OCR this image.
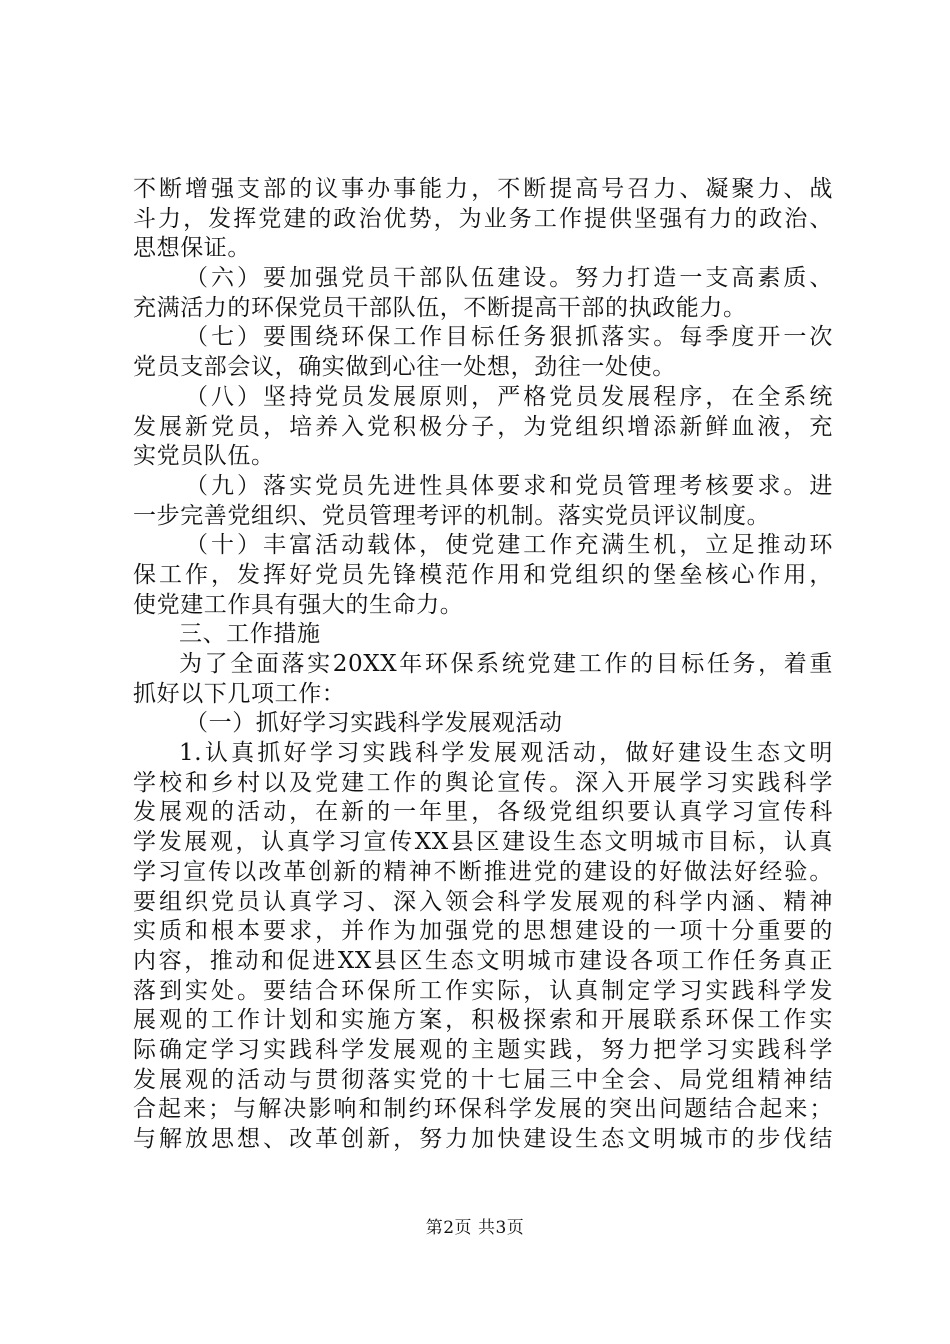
不断增强支部的议事办事能力，不断提高号召力、凝聚力、战
斗力，发挥党建的政治优势，为业务工作提供坚强有力的政治、
思想保证。
（六）要加强党员干部队伍建设。努力打造一支高素质、
充满活力的环保党员干部队伍，不断提高干部的执政能力。
（七）要围绕环保工作目标任务狠抓落实。每季度开一次
党员支部会议，确实做到心往一处想，劲往一处使。
（八）坚持党员发展原则，严格党员发展程序，在全系统
发展新党员，培养入党积极分子，为党组织增添新鲜血液，充
实党员队伍。
（九）落实党员先进性具体要求和党员管理考核要求。进
一步完善党组织、党员管理考评的机制。落实党员评议制度。
（十）丰富活动载体，使党建工作充满生机，立足推动环
保工作，发挥好党员先锋模范作用和党组织的堡垒核心作用，
使党建工作具有强大的生命力。
三、工作措施
为了全面落实20XX年环保系统党建工作的目标任务，着重
抓好以下几项工作：
（一）抓好学习实践科学发展观活动
1.认真抓好学习实践科学发展观活动，做好建设生态文明
学校和乡村以及党建工作的舆论宣传。深入开展学习实践科学
发展观的活动，在新的一年里，各级党组织要认真学习宣传科
学发展观，认真学习宣传XX县区建设生态文明城市目标，认真
学习宣传以改革创新的精神不断推进党的建设的好做法好经验。
要组织党员认真学习、深入领会科学发展观的科学内涵、精神
实质和根本要求，并作为加强党的思想建设的一项十分重要的
内容，推动和促进XX县区生态文明城市建设各项工作任务真正
落到实处。要结合环保所工作实际，认真制定学习实践科学发
展观的工作计划和实施方案，积极探索和开展联系环保工作实
际确定学习实践科学发展观的主题实践，努力把学习实践科学
发展观的活动与贯彻落实党的十七届三中全会、局党组精神结
合起来；与解决影响和制约环保科学发展的突出问题结合起来；
与解放思想、改革创新，努力加快建设生态文明城市的步伐结
第2页 共3页
